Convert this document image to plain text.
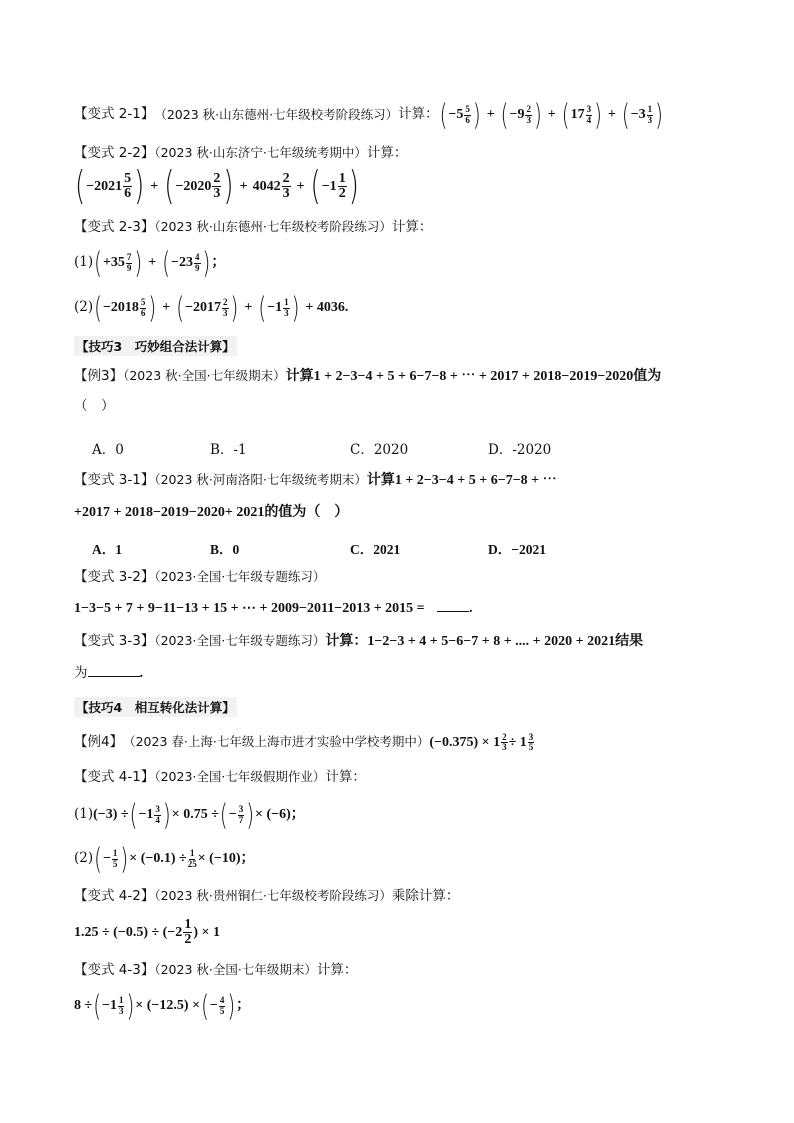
【变式 2-1】 （2023 秋·山东德州·七年级校考阶段练习） 计算： ( − $5 \frac{5}{6}$ ) + ( − $9 \frac{2}{3}$ ) + ( $17 \frac{3}{4}$ ) + ( − $3 \frac{1}{3}$ )
【变式 2-2】（2023 秋·山东济宁·七年级统考期中）计算：
( $-2021 \frac{5}{6}$ ) + ( $-2020 \frac{2}{3}$ ) + $4042 \frac{2}{3}$ + ( $-1 \frac{1}{2}$ )
【变式 2-3】（2023 秋·山东德州·七年级校考阶段练习）计算：
(1) ( $+35 \frac{7}{9}$ ) + ( $-23 \frac{4}{9}$ ) ；
(2) ( $-2018 \frac{5}{6}$ ) + ( $-2017 \frac{2}{3}$ ) + ( $-1 \frac{1}{3}$ ) + 4036.
【技巧3　巧妙组合法计算】
【例3】（2023 秋·全国·七年级期末）计算1 + 2−3−4 + 5 + 6−7−8 + ⋯ + 2017 + 2018−2019−2020值为
（　）
A．0	B．-1	C．2020	D．-2020
【变式 3-1】（2023 秋·河南洛阳·七年级统考期末）计算1 + 2−3−4 + 5 + 6−7−8 + ⋯
+2017 + 2018−2019−2020+ 2021的值为（　）
A．1	B．0	C．2021	D．−2021
【变式 3-2】（2023·全国·七年级专题练习）
1−3−5 + 7 + 9−11−13 + 15 + ⋯ + 2009−2011−2013 + 2015 =	.
【变式 3-3】（2023·全国·七年级专题练习）计算：1−2−3 + 4 + 5−6−7 + 8 + .... + 2020 + 2021结果
为	.
【技巧4　相互转化法计算】
【例4】 （2023 春·上海·七年级上海市进才实验中学校考期中） $(-0.375) \times 1 \frac{2}{3} \div 1 \frac{3}{5}$
【变式 4-1】（2023·全国·七年级假期作业）计算：
(1) (−3) ÷ ( $-1 \frac{3}{4}$ ) × 0.75 ÷ ( − $\frac{3}{7}$ ) × (−6)；
(2) ( − $\frac{1}{5}$ ) × $(-0.1) \div \frac{1}{25} \times (-10)$；
【变式 4-2】（2023 秋·贵州铜仁·七年级校考阶段练习）乘除计算：
$1.25 \div (-0.5) \div (-2 \frac{1}{2}$ ) × 1
【变式 4-3】（2023 秋·全国·七年级期末）计算：
8 ÷ ( $-1 \frac{1}{3}$ ) × (−12.5) × ( − $\frac{4}{5}$ ) ；
